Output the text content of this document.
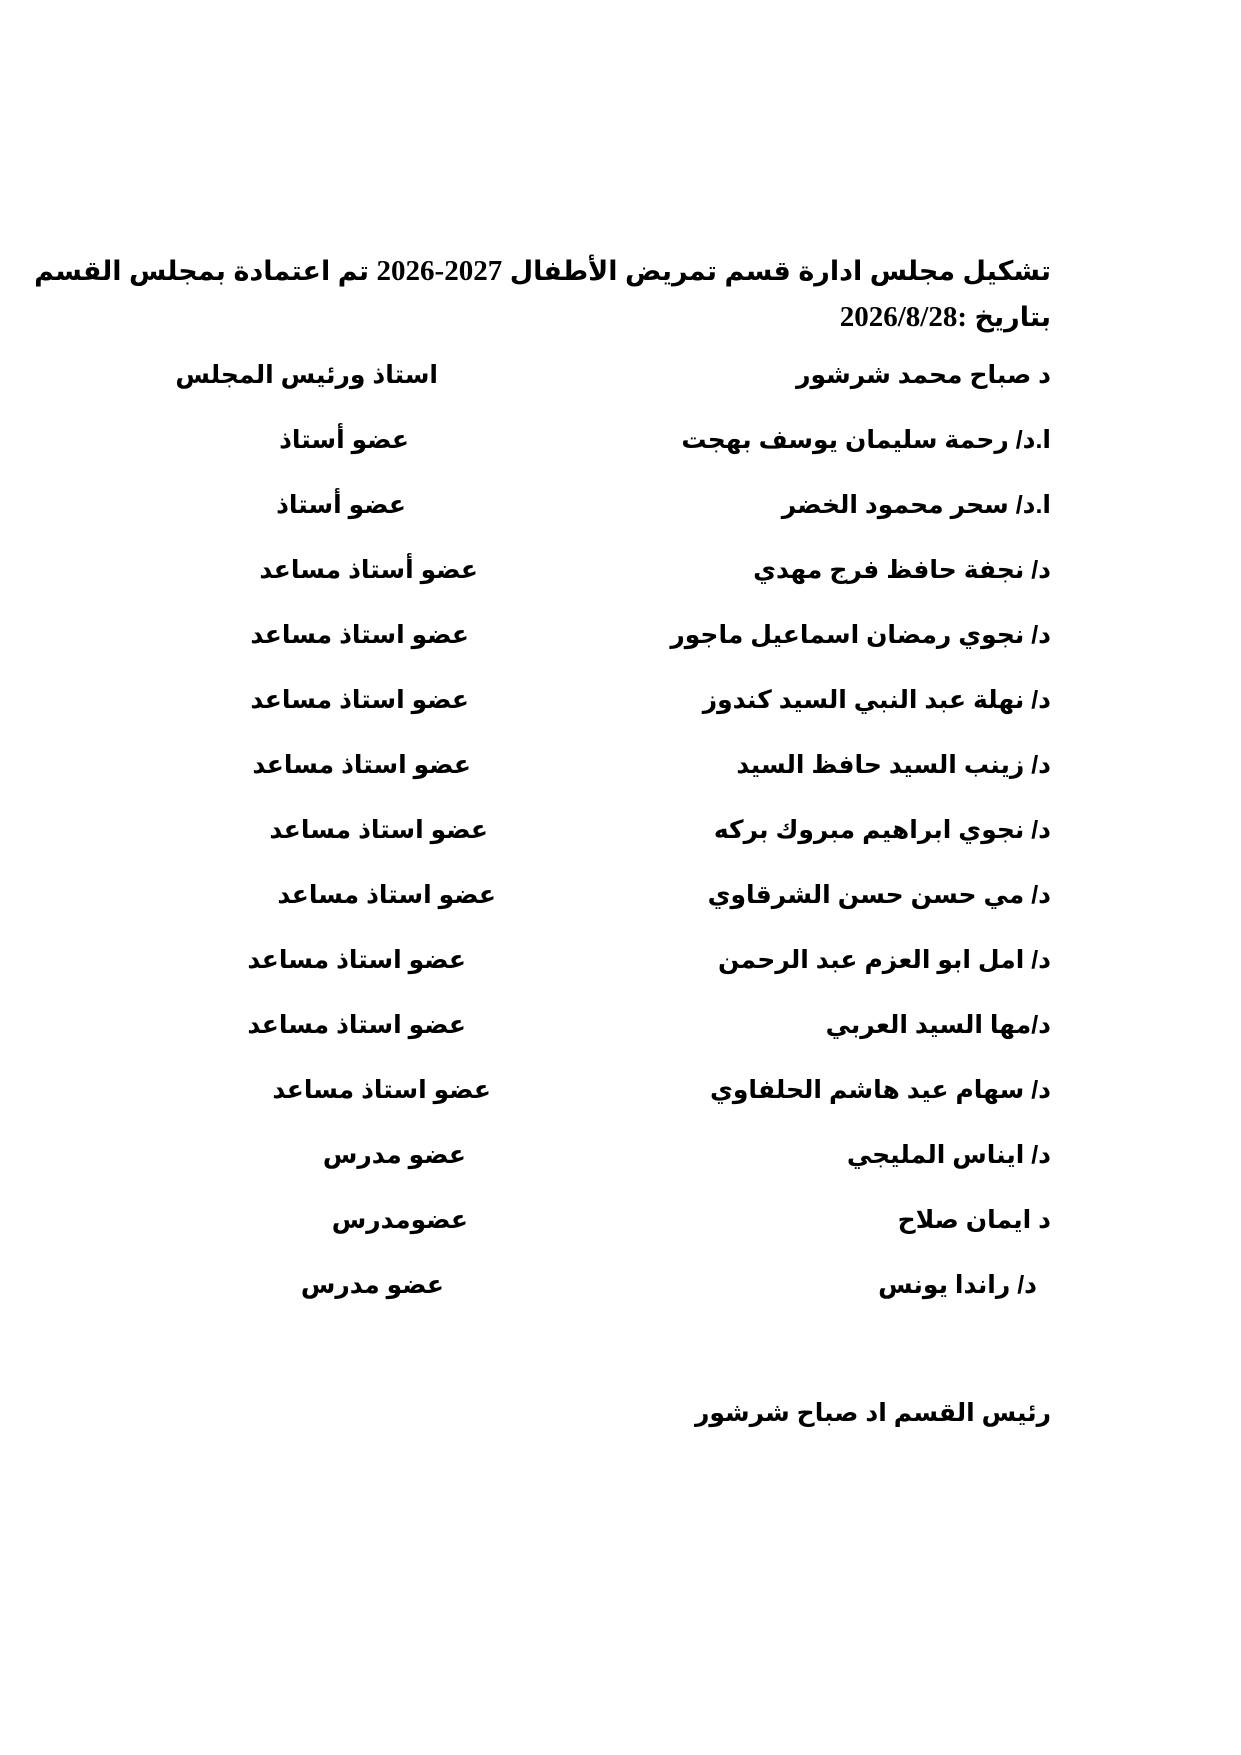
تشكيل مجلس ادارة قسم تمريض الأطفال 2026-2027 تم اعتمادة بمجلس القسم
بتاريخ 2026/8/28:
د صباح محمد شرشور
استاذ ورئيس المجلس
ا.د/ رحمة سليمان يوسف بهجت
عضو أستاذ
ا.د/ سحر محمود الخضر
عضو أستاذ
د/ نجفة حافظ فرج مهدي
عضو أستاذ مساعد
د/ نجوي رمضان اسماعيل ماجور
عضو استاذ مساعد
د/ نهلة عبد النبي السيد كندوز
عضو استاذ مساعد
د/ زينب السيد حافظ السيد
عضو استاذ مساعد
د/ نجوي ابراهيم مبروك بركه
عضو استاذ مساعد
د/ مي حسن حسن الشرقاوي
عضو استاذ مساعد
د/ امل ابو العزم عبد الرحمن
عضو استاذ مساعد
د/مها السيد العربي
عضو استاذ مساعد
د/ سهام عيد هاشم الحلفاوي
عضو استاذ مساعد
د/ ايناس المليجي
عضو مدرس
د ايمان صلاح
عضومدرس
د/ راندا يونس
عضو مدرس
رئيس القسم اد صباح شرشور
